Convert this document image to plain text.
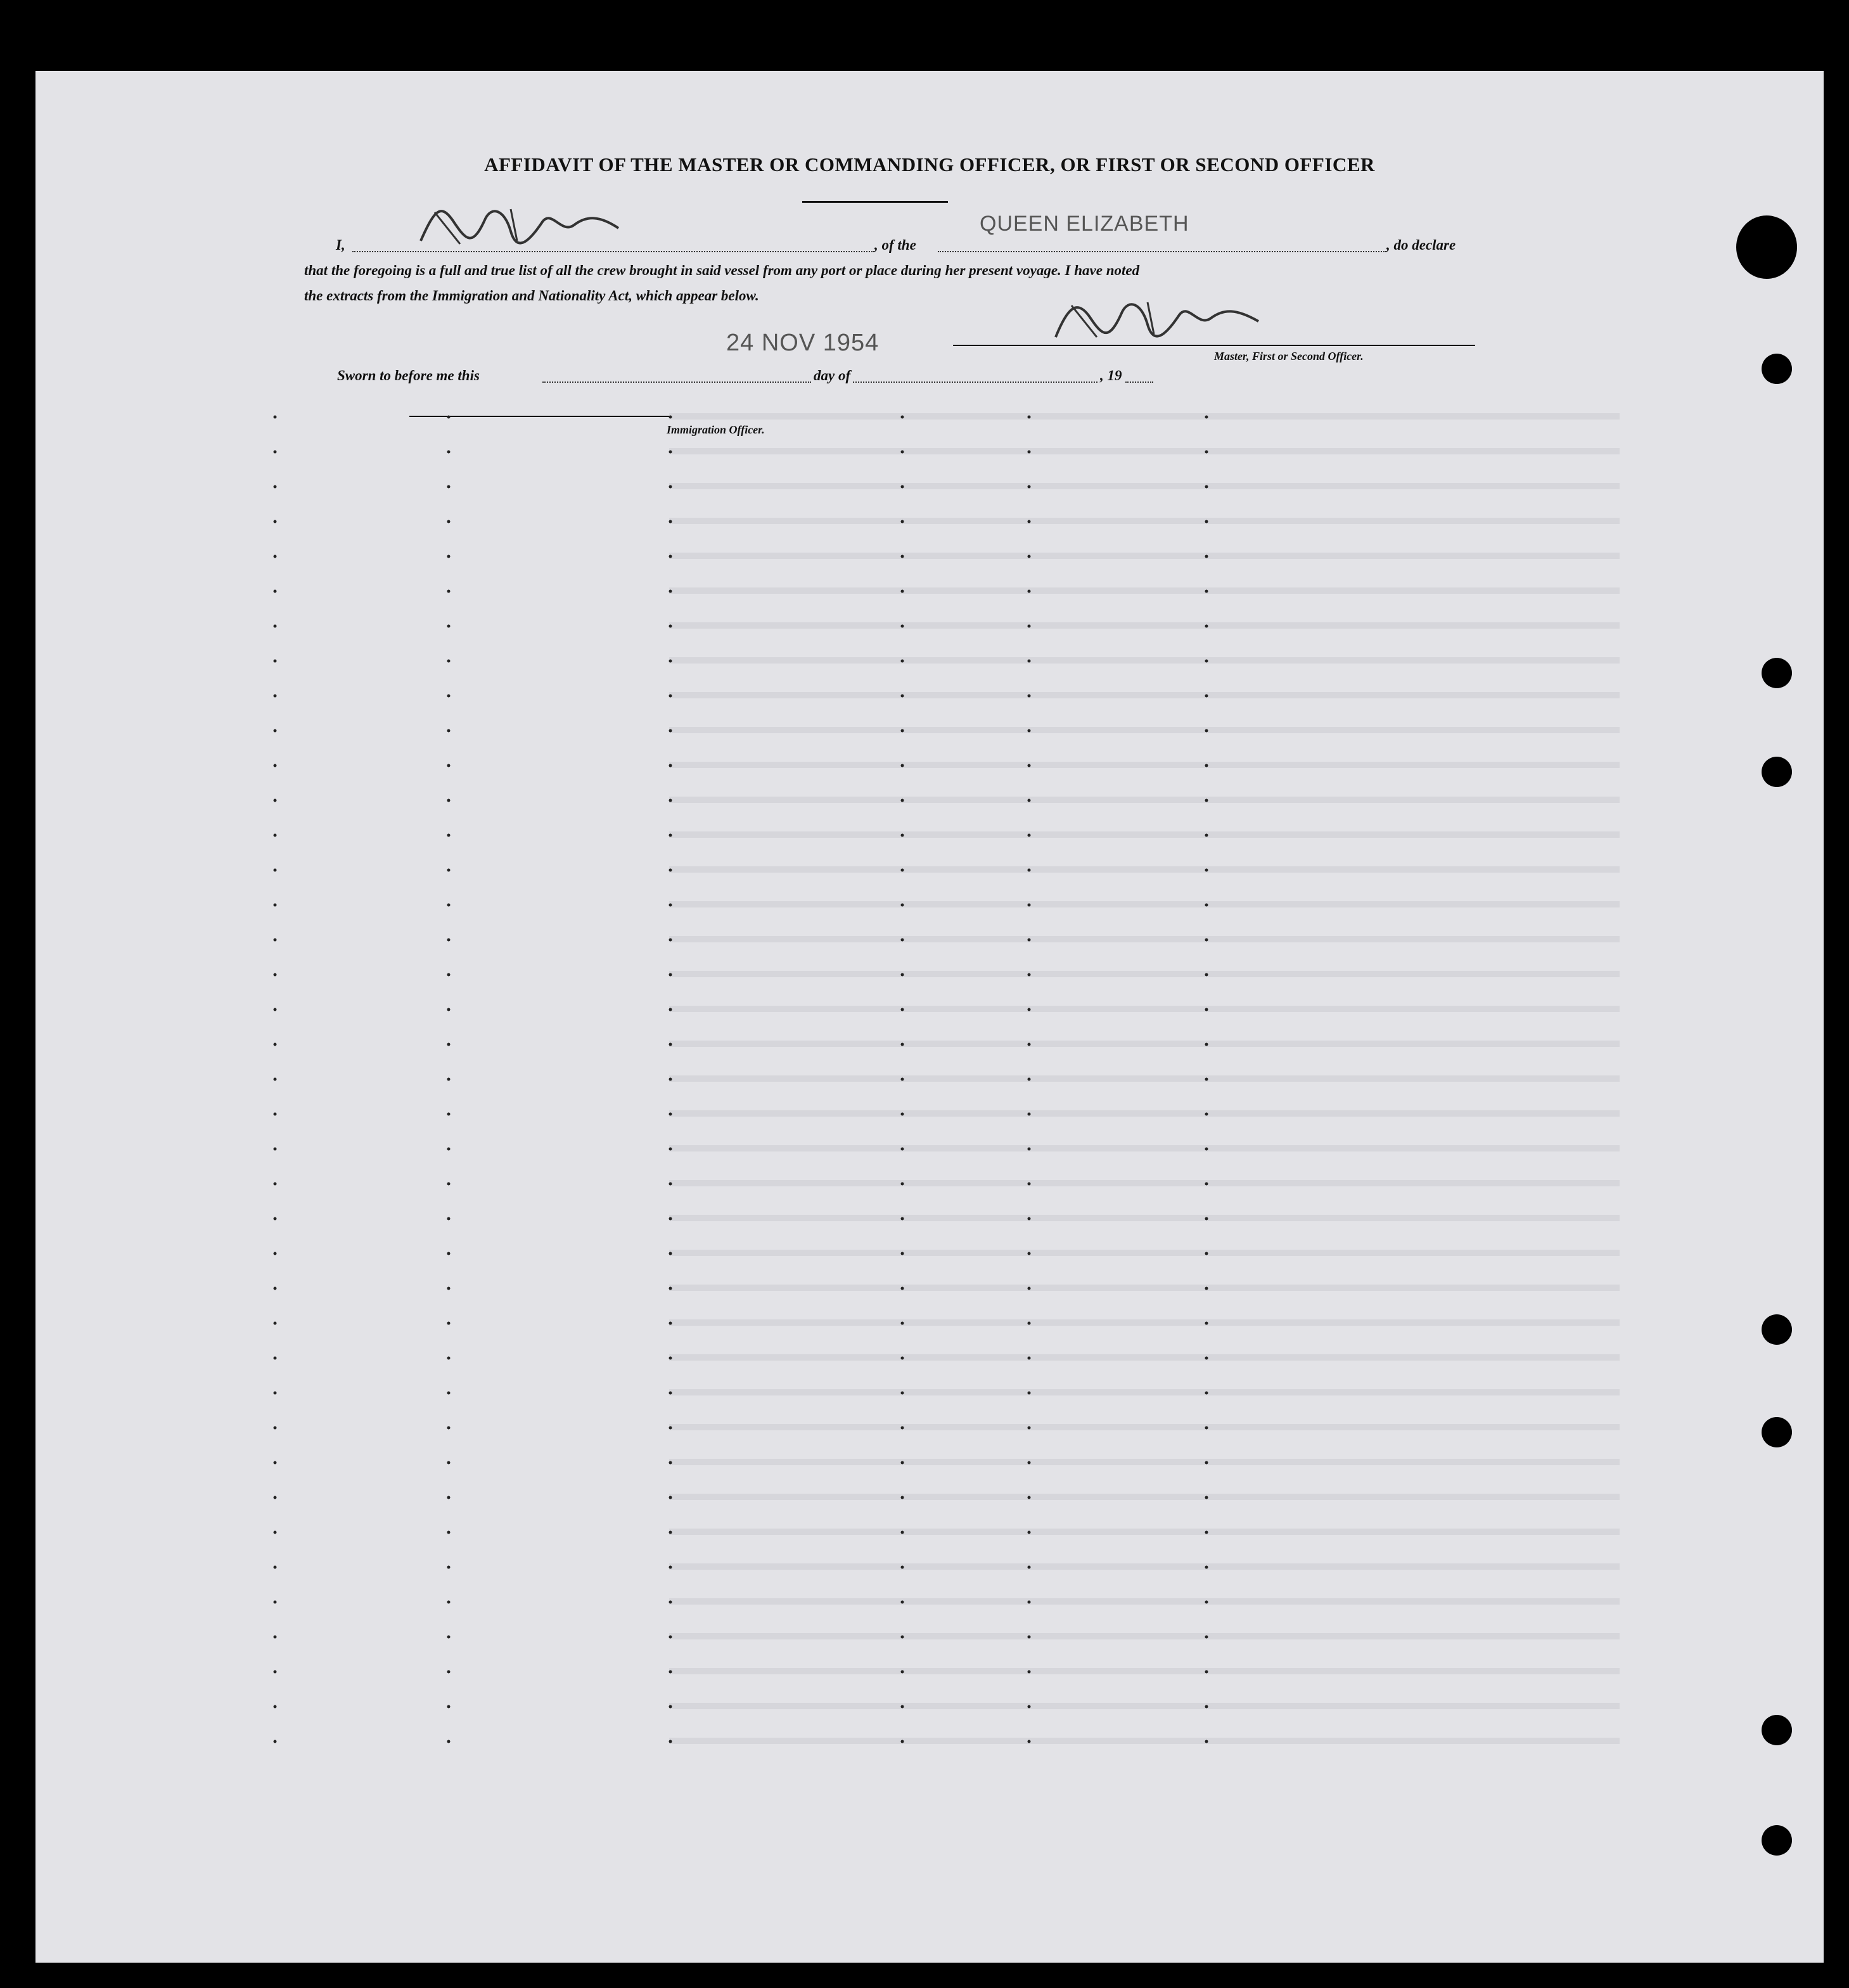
AFFIDAVIT OF THE MASTER OR COMMANDING OFFICER, OR FIRST OR SECOND OFFICER
I,	, of the
QUEEN ELIZABETH
, do declare
that the foregoing is a full and true list of all the crew brought in said vessel from any port or place during her present voyage. I have noted
the extracts from the Immigration and Nationality Act, which appear below.
24 NOV 1954	Master, First or Second Officer.
Sworn to before me this	day of	, 19
Immigration Officer.
